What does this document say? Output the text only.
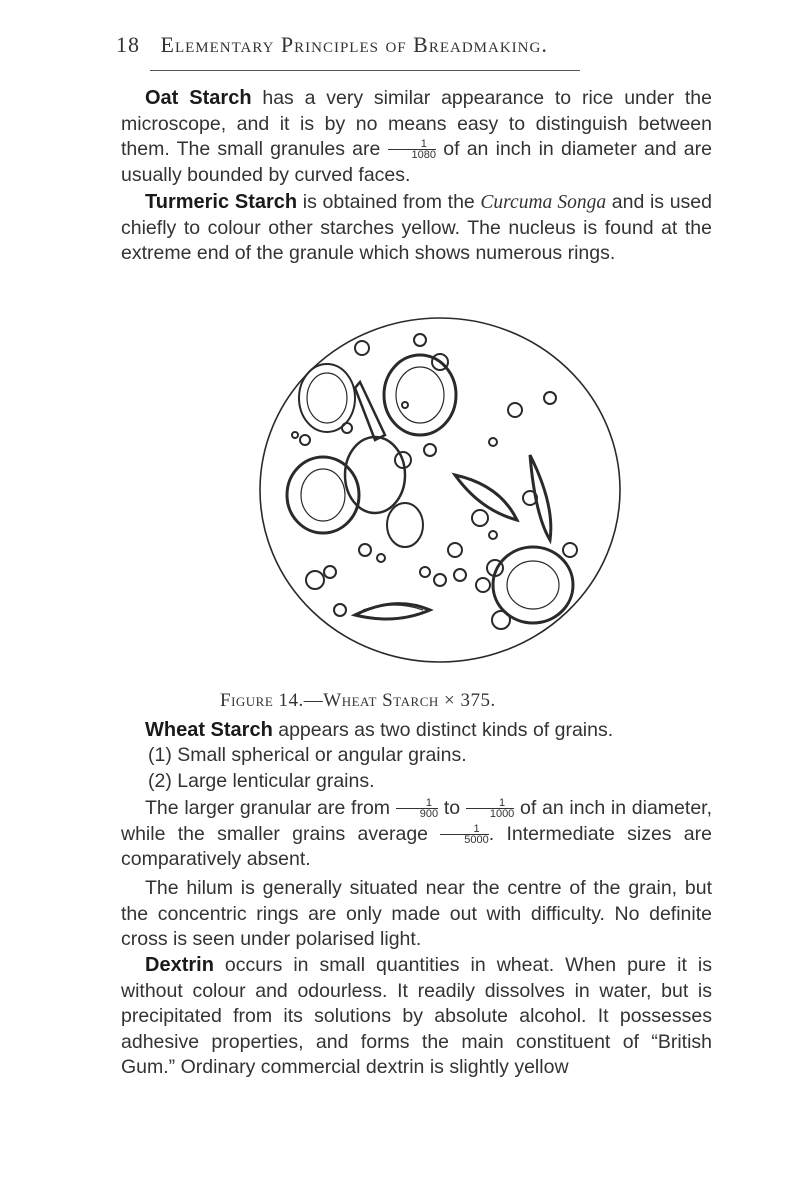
18 Elementary Principles of Breadmaking.

Oat Starch has a very similar appearance to rice under the microscope, and it is by no means easy to distinguish between them. The small granules are $\frac{1}{1080}$ of an inch in diameter and are usually bounded by curved faces.

Turmeric Starch is obtained from the Curcuma Songa and is used chiefly to colour other starches yellow. The nucleus is found at the extreme end of the granule which shows numerous rings.

Figure 14.—Wheat Starch × 375.

Wheat Starch appears as two distinct kinds of grains.

(1) Small spherical or angular grains.
(2) Large lenticular grains.

The larger granular are from $\frac{1}{900}$ to $\frac{1}{1000}$ of an inch in diameter, while the smaller grains average $\frac{1}{5000}$ . Intermediate sizes are comparatively absent.

The hilum is generally situated near the centre of the grain, but the concentric rings are only made out with difficulty. No definite cross is seen under polarised light.

Dextrin occurs in small quantities in wheat. When pure it is without colour and odourless. It readily dissolves in water, but is precipitated from its solutions by absolute alcohol. It possesses adhesive properties, and forms the main constituent of “British Gum.” Ordinary commercial dextrin is slightly yellow
